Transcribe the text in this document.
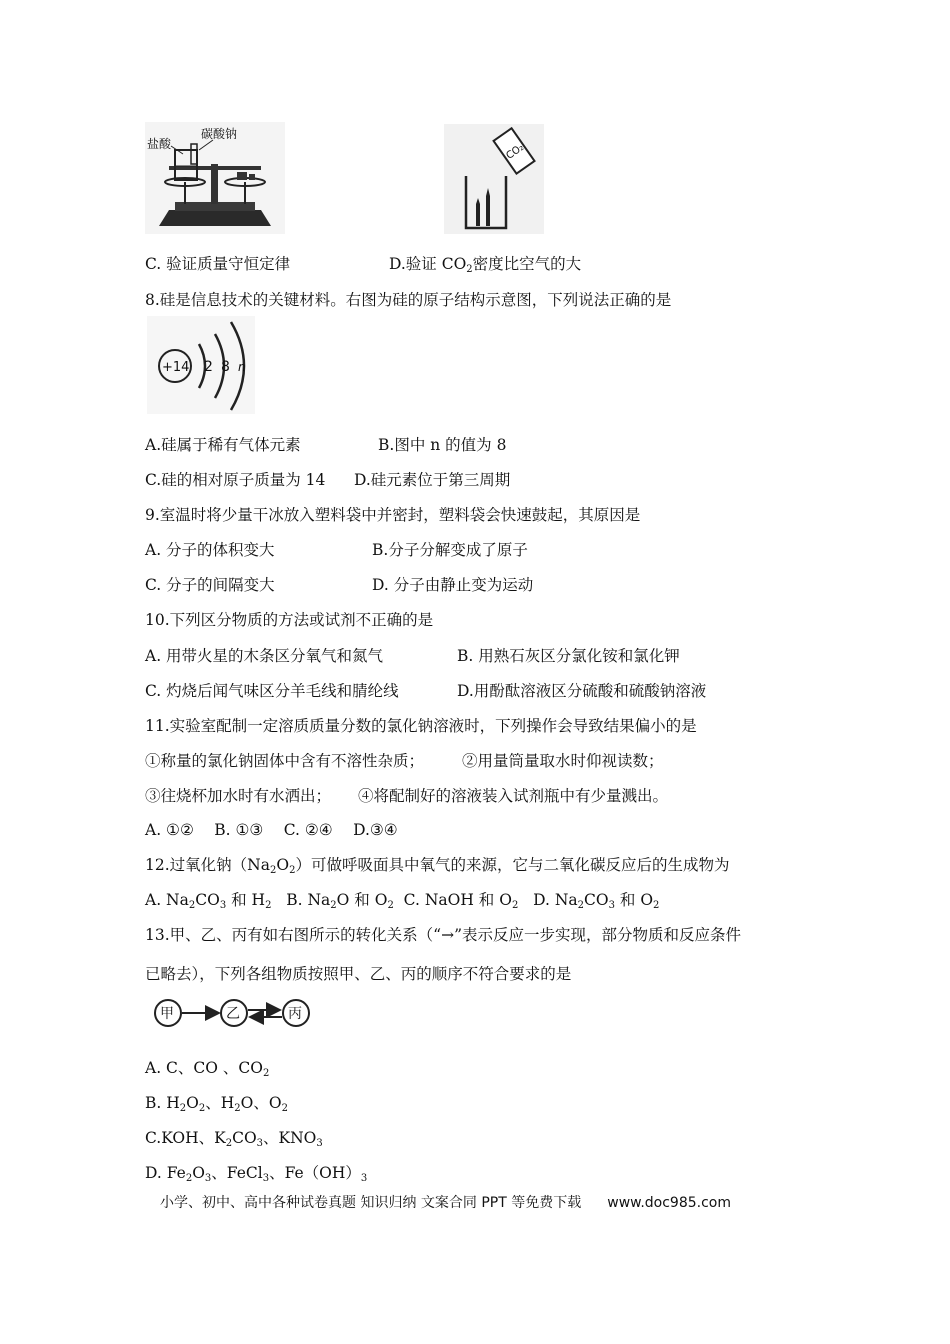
盐酸
碳酸钠
CO₂
C. 验证质量守恒定律	D.验证 $CO_2$密度比空气的大
8.硅是信息技术的关键材料。右图为硅的原子结构示意图，下列说法正确的是
+14 2 8 n
A.硅属于稀有气体元素	B.图中 n 的值为 8
C.硅的相对原子质量为 14 D.硅元素位于第三周期
9.室温时将少量干冰放入塑料袋中并密封，塑料袋会快速鼓起，其原因是
A. 分子的体积变大	B.分子分解变成了原子
C. 分子的间隔变大	D. 分子由静止变为运动
10.下列区分物质的方法或试剂不正确的是
A. 用带火星的木条区分氧气和氮气	B. 用熟石灰区分氯化铵和氯化钾
C. 灼烧后闻气味区分羊毛线和腈纶线	D.用酚酞溶液区分硫酸和硫酸钠溶液
11.实验室配制一定溶质质量分数的氯化钠溶液时，下列操作会导致结果偏小的是
①称量的氯化钠固体中含有不溶性杂质； ②用量筒量取水时仰视读数；
③往烧杯加水时有水洒出； ④将配制好的溶液装入试剂瓶中有少量溅出。
A. ①②　 B. ①③　 C. ②④　 D.③④
12.过氧化钠$(Na_2O_2)$可做呼吸面具中氧气的来源，它与二氧化碳反应后的生成物为
A. $Na_2CO_3$ 和 $H_2$ B. $Na_2O$ 和 $O_2$ C. NaOH 和 $O_2$ D. $Na_2CO_3$ 和 $O_2$
13.甲、乙、丙有如右图所示的转化关系（“→”表示反应一步实现，部分物质和反应条件
已略去），下列各组物质按照甲、乙、丙的顺序不符合要求的是
甲	乙	丙
A. C、CO 、$CO_2$
B. $H_2O_2$、$H_2O$、$O_2$
C.KOH、$K_2CO_3$、$KNO_3$
D. $Fe_2O_3$、FeCl$_3$、$Fe(OH)_3$
小学、初中、高中各种试卷真题 知识归纳 文案合同 PPT 等免费下载 www.doc985.com
